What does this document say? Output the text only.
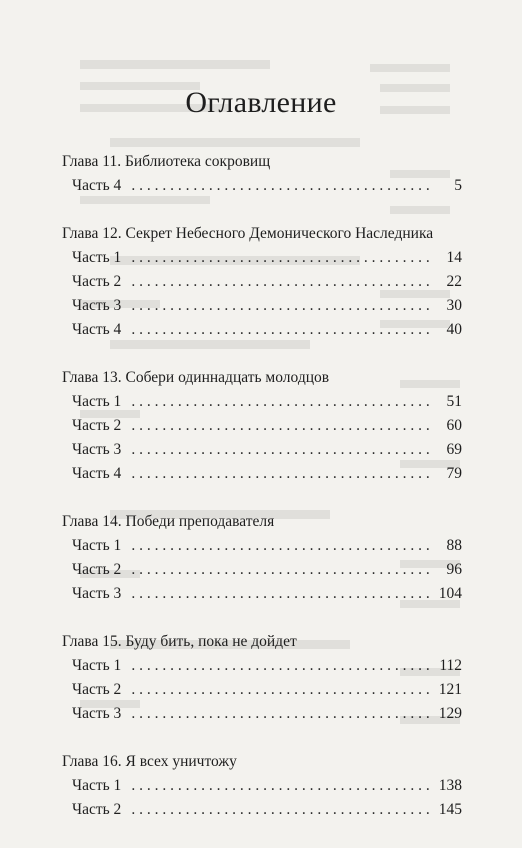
Оглавление
Глава 11. Библиотека сокровищ
Часть 4 . . .	5
Глава 12. Секрет Небесного Демонического Наследника
Часть 1 . . .	14
Часть 2 . . .	22
Часть 3 . . .	30
Часть 4 . . .	40
Глава 13. Собери одиннадцать молодцов
Часть 1 . . .	51
Часть 2 . . .	60
Часть 3 . . .	69
Часть 4 . . .	79
Глава 14. Победи преподавателя
Часть 1 . . .	88
Часть 2 . . .	96
Часть 3 . . .	104
Глава 15. Буду бить, пока не дойдет
Часть 1 . . .	112
Часть 2 . . .	121
Часть 3 . . .	129
Глава 16. Я всех уничтожу
Часть 1 . . .	138
Часть 2 . . .	145
